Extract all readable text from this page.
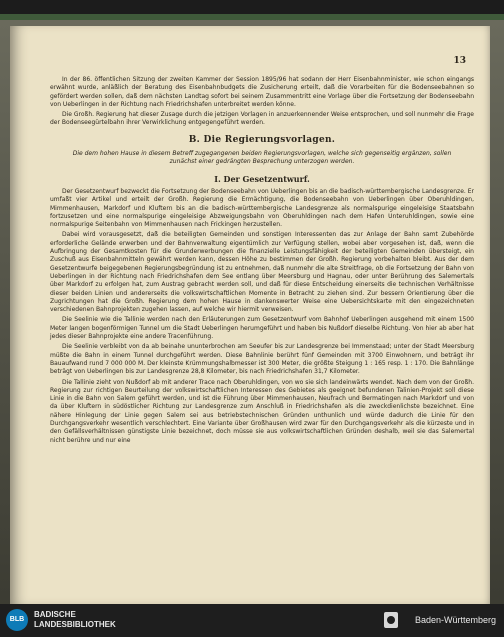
13

In der 86. öffentlichen Sitzung der zweiten Kammer der Session 1895/96 hat sodann der Herr Eisenbahnminister, wie schon eingangs erwähnt wurde, anläßlich der Beratung des Eisenbahnbudgets die Zusicherung erteilt, daß die Vorarbeiten für die Bodenseebahnen so gefördert werden sollen, daß dem nächsten Landtag sofort bei seinem Zusammentritt eine Vorlage über die Fortsetzung der Bodenseebahn von Ueberlingen in der Richtung nach Friedrichshafen unterbreitet werden könne.

Die Großh. Regierung hat dieser Zusage durch die jetzigen Vorlagen in anzuerkennender Weise entsprochen, und soll nunmehr die Frage der Bodenseegürtelbahn ihrer Verwirklichung entgegengeführt werden.

B. Die Regierungsvorlagen.

Die dem hohen Hause in diesem Betreff zugegangenen beiden Regierungsvorlagen, welche sich gegenseitig ergänzen, sollen zunächst einer gedrängten Besprechung unterzogen werden.

I. Der Gesetzentwurf.

Der Gesetzentwurf bezweckt die Fortsetzung der Bodenseebahn von Ueberlingen bis an die badisch-württembergische Landesgrenze. Er umfaßt vier Artikel und erteilt der Großh. Regierung die Ermächtigung, die Bodenseebahn von Ueberlingen über Oberuhldingen, Mimmenhausen, Markdorf und Kluftern bis an die badisch-württembergische Landesgrenze als normalspurige eingeleisige Staatsbahn fortzusetzen und eine normalspurige eingeleisige Abzweigungsbahn von Oberuhldingen nach dem Hafen Unteruhldingen, sowie eine normalspurige Seitenbahn von Mimmenhausen nach Frickingen herzustellen.

Dabei wird vorausgesetzt, daß die beteiligten Gemeinden und sonstigen Interessenten das zur Anlage der Bahn samt Zubehörde erforderliche Gelände erwerben und der Bahnverwaltung eigentümlich zur Verfügung stellen, wobei aber vorgesehen ist, daß, wenn die Aufbringung der Gesamtkosten für die Grunderwerbungen die finanzielle Leistungsfähigkeit der beteiligten Gemeinden übersteigt, ein Zuschuß aus Eisenbahnmitteln gewährt werden kann, dessen Höhe zu bestimmen der Großh. Regierung vorbehalten bleibt. Aus der dem Gesetzentwurfe beigegebenen Regierungsbegründung ist zu entnehmen, daß nunmehr die alte Streitfrage, ob die Fortsetzung der Bahn von Ueberlingen in der Richtung nach Friedrichshafen dem See entlang über Meersburg und Hagnau, oder unter Berührung des Salemertals über Markdorf zu erfolgen hat, zum Austrag gebracht werden soll, und daß für diese Entscheidung einerseits die technischen Verhältnisse dieser beiden Linien und andererseits die volkswirtschaftlichen Momente in Betracht zu ziehen sind. Zur bessern Orientierung über die Zugrichtungen hat die Großh. Regierung dem hohen Hause in dankenswerter Weise eine Uebersichtskarte mit den eingezeichneten verschiedenen Bahnprojekten zugehen lassen, auf welche wir hiermit verweisen.

Die Seelinie wie die Tallinie werden nach den Erläuterungen zum Gesetzentwurf vom Bahnhof Ueberlingen ausgehend mit einem 1500 Meter langen bogenförmigen Tunnel um die Stadt Ueberlingen herumgeführt und haben bis Nußdorf dieselbe Richtung. Von hier ab aber hat jedes dieser Bahnprojekte eine andere Tracenführung.

Die Seelinie verbleibt von da ab beinahe ununterbrochen am Seeufer bis zur Landesgrenze bei Immenstaad; unter der Stadt Meersburg müßte die Bahn in einem Tunnel durchgeführt werden. Diese Bahnlinie berührt fünf Gemeinden mit 3700 Einwohnern, und beträgt ihr Bauaufwand rund 7 000 000 M. Der kleinste Krümmungshalbmesser ist 300 Meter, die größte Steigung 1 : 165 resp. 1 : 170. Die Bahnlänge beträgt von Ueberlingen bis zur Landesgrenze 28,8 Kilometer, bis nach Friedrichshafen 31,7 Kilometer.

Die Tallinie zieht von Nußdorf ab mit anderer Trace nach Oberuhldingen, von wo sie sich landeinwärts wendet. Nach dem von der Großh. Regierung zur richtigen Beurteilung der volkswirtschaftlichen Interessen des Gebietes als geeignet befundenen Talinien-Projekt soll diese Linie in die Bahn von Salem geführt werden, und ist die Führung über Mimmenhausen, Neufrach und Bermatingen nach Markdorf und von da über Kluftern in südöstlicher Richtung zur Landesgrenze zum Anschluß in Friedrichshafen als die zweckdienlichste bezeichnet. Eine nähere Hinlegung der Linie gegen Salem sei aus betriebstechnischen Gründen unthunlich und würde dadurch die Linie für den Durchgangsverkehr wesentlich verschlechtert. Eine Variante über Großhausen wird zwar für den Durchgangsverkehr als die kürzeste und in den Gefällsverhältnissen günstigste Linie bezeichnet, doch müsse sie aus volkswirtschaftlichen Gründen deshalb, weil sie das Salemertal nicht berühre und nur eine

BLB
BADISCHE
LANDESBIBLIOTHEK	Baden-Württemberg
